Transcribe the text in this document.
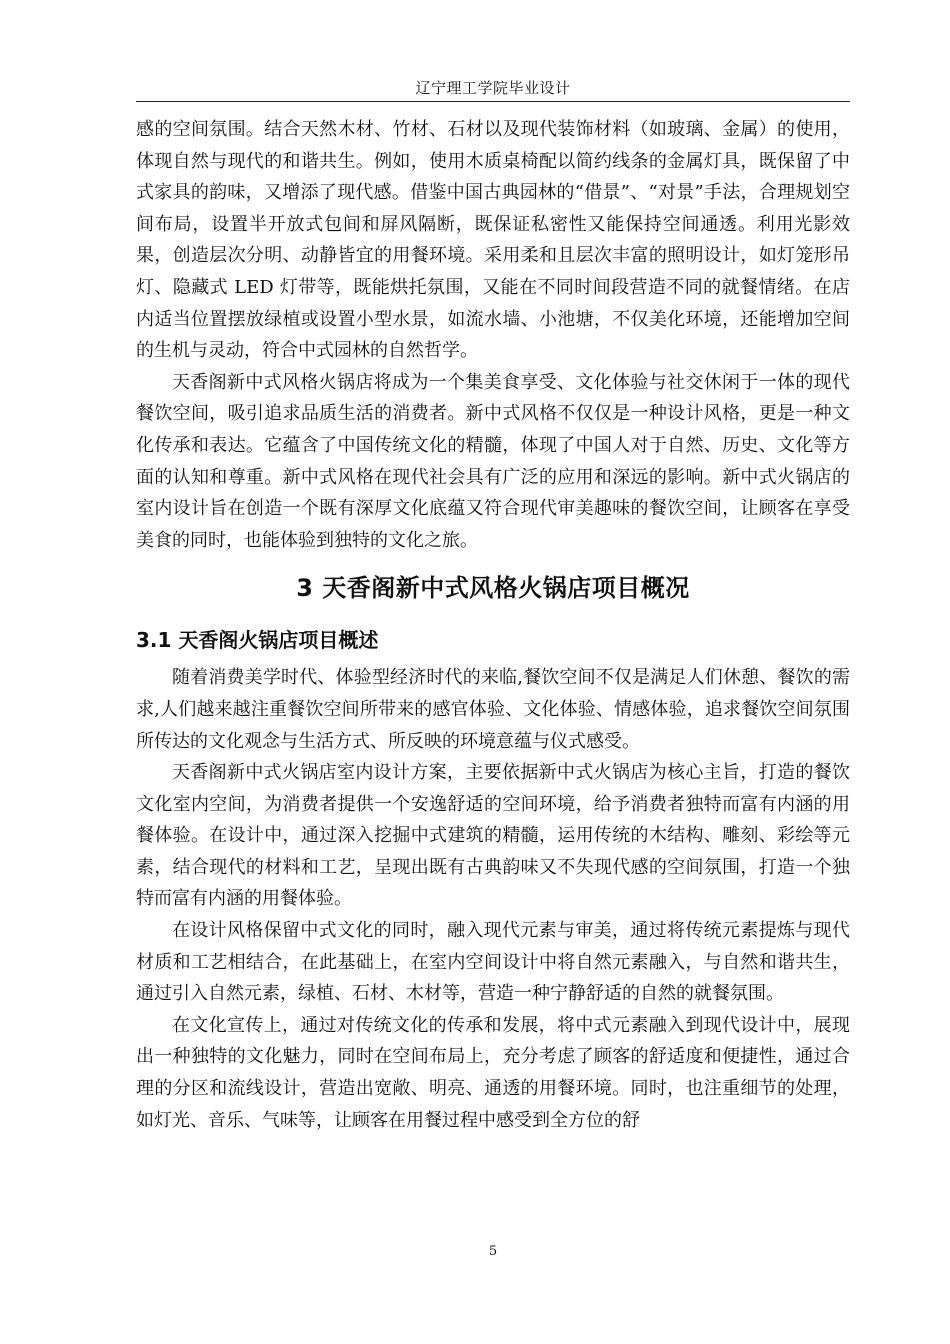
辽宁理工学院毕业设计

感的空间氛围。结合天然木材、竹材、石材以及现代装饰材料（如玻璃、金属）的使用，体现自然与现代的和谐共生。例如，使用木质桌椅配以简约线条的金属灯具，既保留了中式家具的韵味，又增添了现代感。借鉴中国古典园林的“借景”、“对景”手法，合理规划空间布局，设置半开放式包间和屏风隔断，既保证私密性又能保持空间通透。利用光影效果，创造层次分明、动静皆宜的用餐环境。采用柔和且层次丰富的照明设计，如灯笼形吊灯、隐藏式 LED 灯带等，既能烘托氛围，又能在不同时间段营造不同的就餐情绪。在店内适当位置摆放绿植或设置小型水景，如流水墙、小池塘，不仅美化环境，还能增加空间的生机与灵动，符合中式园林的自然哲学。

天香阁新中式风格火锅店将成为一个集美食享受、文化体验与社交休闲于一体的现代餐饮空间，吸引追求品质生活的消费者。新中式风格不仅仅是一种设计风格，更是一种文化传承和表达。它蕴含了中国传统文化的精髓，体现了中国人对于自然、历史、文化等方面的认知和尊重。新中式风格在现代社会具有广泛的应用和深远的影响。新中式火锅店的室内设计旨在创造一个既有深厚文化底蕴又符合现代审美趣味的餐饮空间，让顾客在享受美食的同时，也能体验到独特的文化之旅。

3 天香阁新中式风格火锅店项目概况
3.1 天香阁火锅店项目概述

随着消费美学时代、体验型经济时代的来临,餐饮空间不仅是满足人们休憩、餐饮的需求,人们越来越注重餐饮空间所带来的感官体验、文化体验、情感体验，追求餐饮空间氛围所传达的文化观念与生活方式、所反映的环境意蕴与仪式感受。

天香阁新中式火锅店室内设计方案，主要依据新中式火锅店为核心主旨，打造的餐饮文化室内空间，为消费者提供一个安逸舒适的空间环境，给予消费者独特而富有内涵的用餐体验。在设计中，通过深入挖掘中式建筑的精髓，运用传统的木结构、雕刻、彩绘等元素，结合现代的材料和工艺，呈现出既有古典韵味又不失现代感的空间氛围，打造一个独特而富有内涵的用餐体验。

在设计风格保留中式文化的同时，融入现代元素与审美，通过将传统元素提炼与现代材质和工艺相结合，在此基础上，在室内空间设计中将自然元素融入，与自然和谐共生，通过引入自然元素，绿植、石材、木材等，营造一种宁静舒适的自然的就餐氛围。

在文化宣传上，通过对传统文化的传承和发展，将中式元素融入到现代设计中，展现出一种独特的文化魅力，同时在空间布局上，充分考虑了顾客的舒适度和便捷性，通过合理的分区和流线设计，营造出宽敞、明亮、通透的用餐环境。同时，也注重细节的处理，如灯光、音乐、气味等，让顾客在用餐过程中感受到全方位的舒

5
